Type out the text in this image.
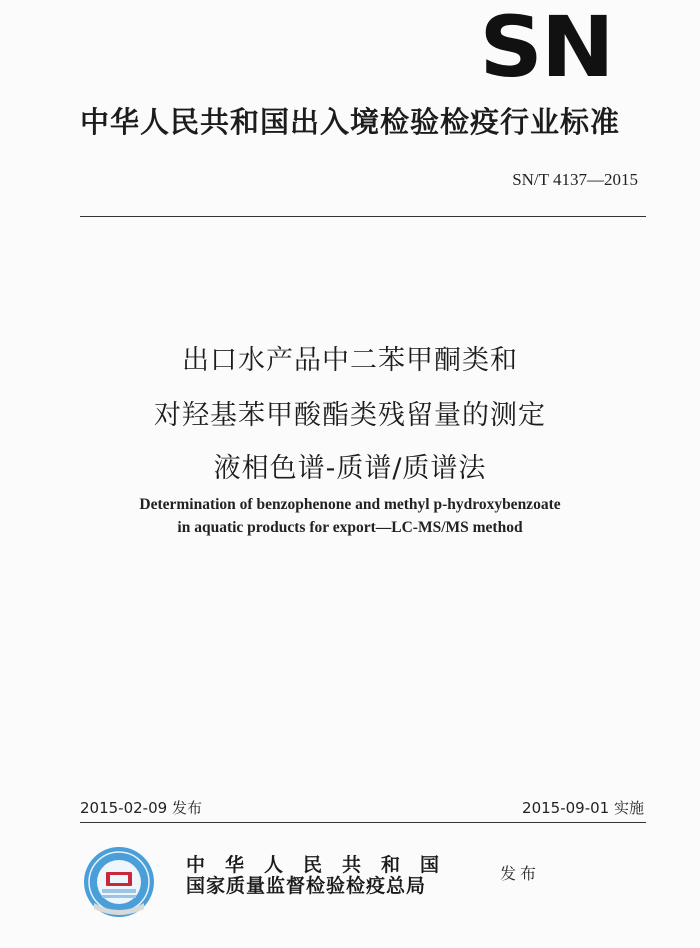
SN
中华人民共和国出入境检验检疫行业标准
SN/T 4137—2015
出口水产品中二苯甲酮类和
对羟基苯甲酸酯类残留量的测定
液相色谱-质谱/质谱法
Determination of benzophenone and methyl p-hydroxybenzoate
in aquatic products for export—LC-MS/MS method
2015-02-09 发布	2015-09-01 实施
中华人民共和国
国家质量监督检验检疫总局
发布
